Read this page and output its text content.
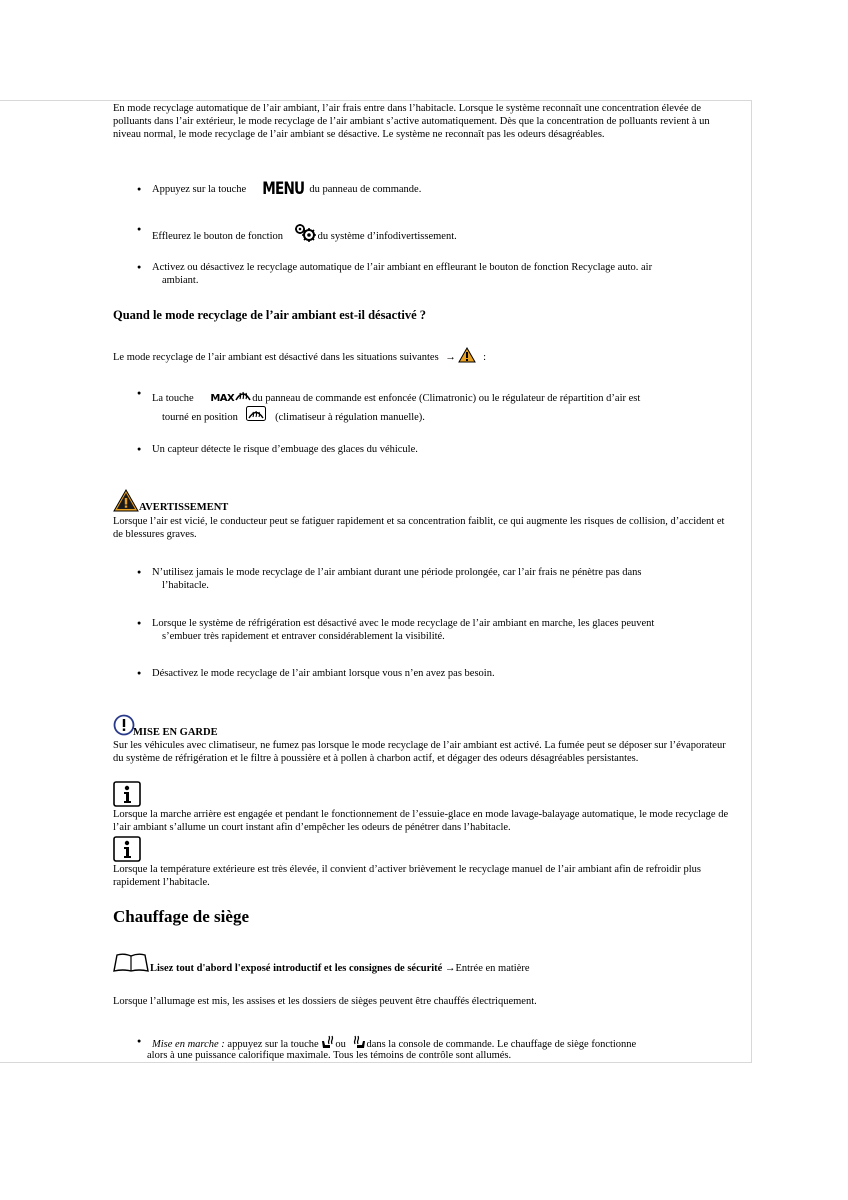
En mode recyclage automatique de l’air ambiant, l’air frais entre dans l’habitacle. Lorsque le système reconnaît une concentration élevée de polluants dans l’air extérieur, le mode recyclage de l’air ambiant s’active automatiquement. Dès que la concentration de polluants revient à un niveau normal, le mode recyclage de l’air ambiant se désactive. Le système ne reconnaît pas les odeurs désagréables.
● Appuyez sur la touche MENU du panneau de commande.
●
Effleurez le bouton de fonction	du système d’infodivertissement.
● Activez ou désactivez le recyclage automatique de l’air ambiant en effleurant le bouton de fonction Recyclage auto. air
ambiant.
Quand le mode recyclage de l’air ambiant est-il désactivé ?
Le mode recyclage de l’air ambiant est désactivé dans les situations suivantes →	:
● La touche MAX du panneau de commande est enfoncée (Climatronic) ou le régulateur de répartition d’air est
tourné en position	(climatiseur à régulation manuelle).
● Un capteur détecte le risque d’embuage des glaces du véhicule.
AVERTISSEMENT
Lorsque l’air est vicié, le conducteur peut se fatiguer rapidement et sa concentration faiblit, ce qui augmente les risques de collision, d’accident et de blessures graves.
● N’utilisez jamais le mode recyclage de l’air ambiant durant une période prolongée, car l’air frais ne pénètre pas dans
l’habitacle.
● Lorsque le système de réfrigération est désactivé avec le mode recyclage de l’air ambiant en marche, les glaces peuvent
s’embuer très rapidement et entraver considérablement la visibilité.
● Désactivez le mode recyclage de l’air ambiant lorsque vous n’en avez pas besoin.
MISE EN GARDE
Sur les véhicules avec climatiseur, ne fumez pas lorsque le mode recyclage de l’air ambiant est activé. La fumée peut se déposer sur l’évaporateur du système de réfrigération et le filtre à poussière et à pollen à charbon actif, et dégager des odeurs désagréables persistantes.
Lorsque la marche arrière est engagée et pendant le fonctionnement de l’essuie-glace en mode lavage-balayage automatique, le mode recyclage de l’air ambiant s’allume un court instant afin d’empêcher les odeurs de pénétrer dans l’habitacle.
Lorsque la température extérieure est très élevée, il convient d’activer brièvement le recyclage manuel de l’air ambiant afin de refroidir plus rapidement l’habitacle.
Chauffage de siège
Lisez tout d'abord l'exposé introductif et les consignes de sécurité →Entrée en matière
Lorsque l’allumage est mis, les assises et les dossiers de sièges peuvent être chauffés électriquement.
● Mise en marche : appuyez sur la touche ou dans la console de commande. Le chauffage de siège fonctionne
alors à une puissance calorifique maximale. Tous les témoins de contrôle sont allumés.
